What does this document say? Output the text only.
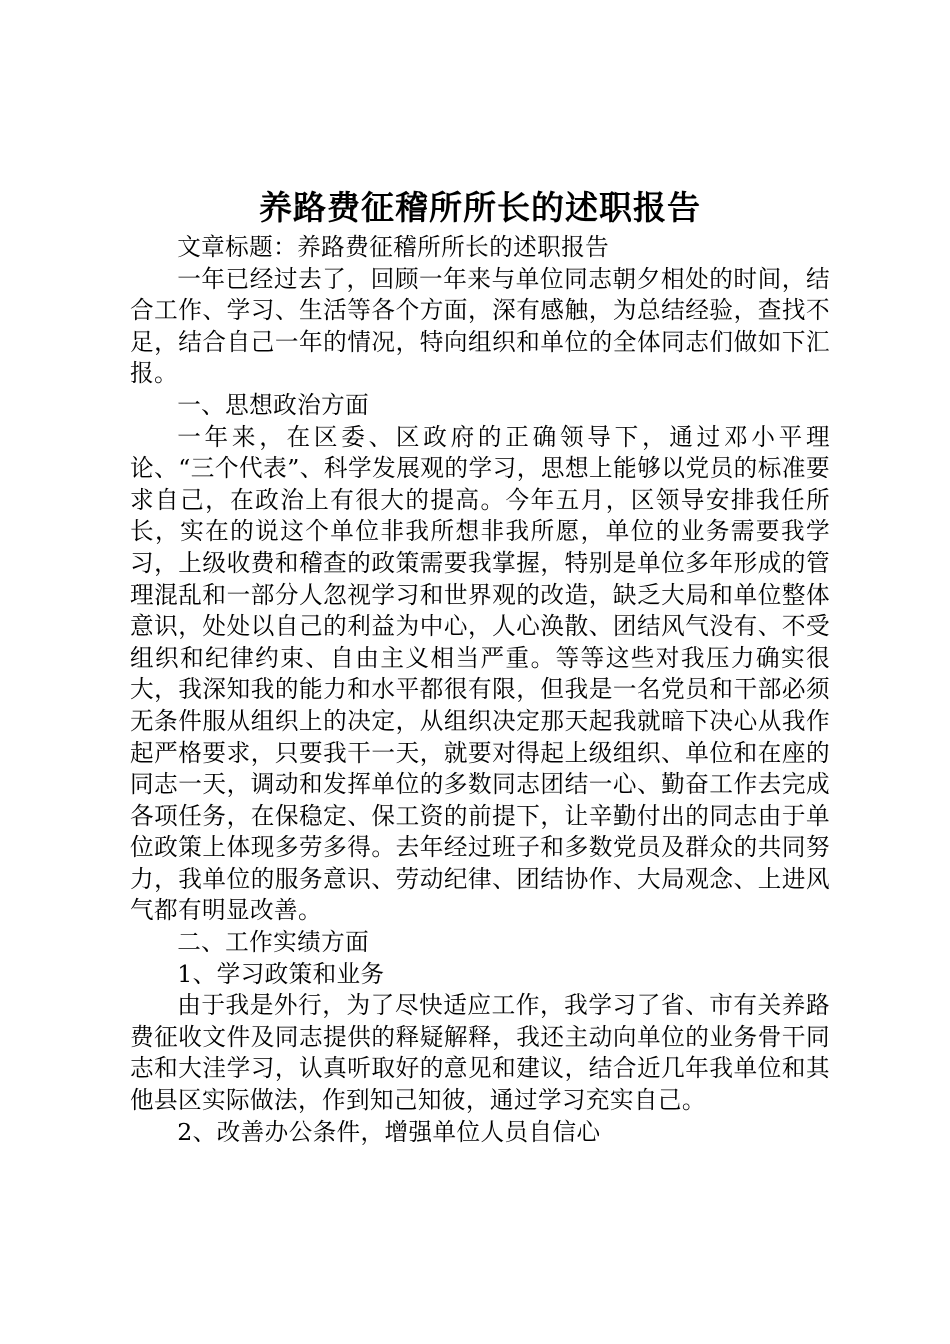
养路费征稽所所长的述职报告

文章标题：养路费征稽所所长的述职报告

一年已经过去了，回顾一年来与单位同志朝夕相处的时间，结合工作、学习、生活等各个方面，深有感触，为总结经验，查找不足，结合自己一年的情况，特向组织和单位的全体同志们做如下汇报。

一、思想政治方面

一年来，在区委、区政府的正确领导下，通过邓小平理论、“三个代表”、科学发展观的学习，思想上能够以党员的标准要求自己，在政治上有很大的提高。今年五月，区领导安排我任所长，实在的说这个单位非我所想非我所愿，单位的业务需要我学习，上级收费和稽查的政策需要我掌握，特别是单位多年形成的管理混乱和一部分人忽视学习和世界观的改造，缺乏大局和单位整体意识，处处以自己的利益为中心，人心涣散、团结风气没有、不受组织和纪律约束、自由主义相当严重。等等这些对我压力确实很大，我深知我的能力和水平都很有限，但我是一名党员和干部必须无条件服从组织上的决定，从组织决定那天起我就暗下决心从我作起严格要求，只要我干一天，就要对得起上级组织、单位和在座的同志一天，调动和发挥单位的多数同志团结一心、勤奋工作去完成各项任务，在保稳定、保工资的前提下，让辛勤付出的同志由于单位政策上体现多劳多得。去年经过班子和多数党员及群众的共同努力，我单位的服务意识、劳动纪律、团结协作、大局观念、上进风气都有明显改善。

二、工作实绩方面

1、学习政策和业务

由于我是外行，为了尽快适应工作，我学习了省、市有关养路费征收文件及同志提供的释疑解释，我还主动向单位的业务骨干同志和大洼学习，认真听取好的意见和建议，结合近几年我单位和其他县区实际做法，作到知己知彼，通过学习充实自己。

2、改善办公条件，增强单位人员自信心
